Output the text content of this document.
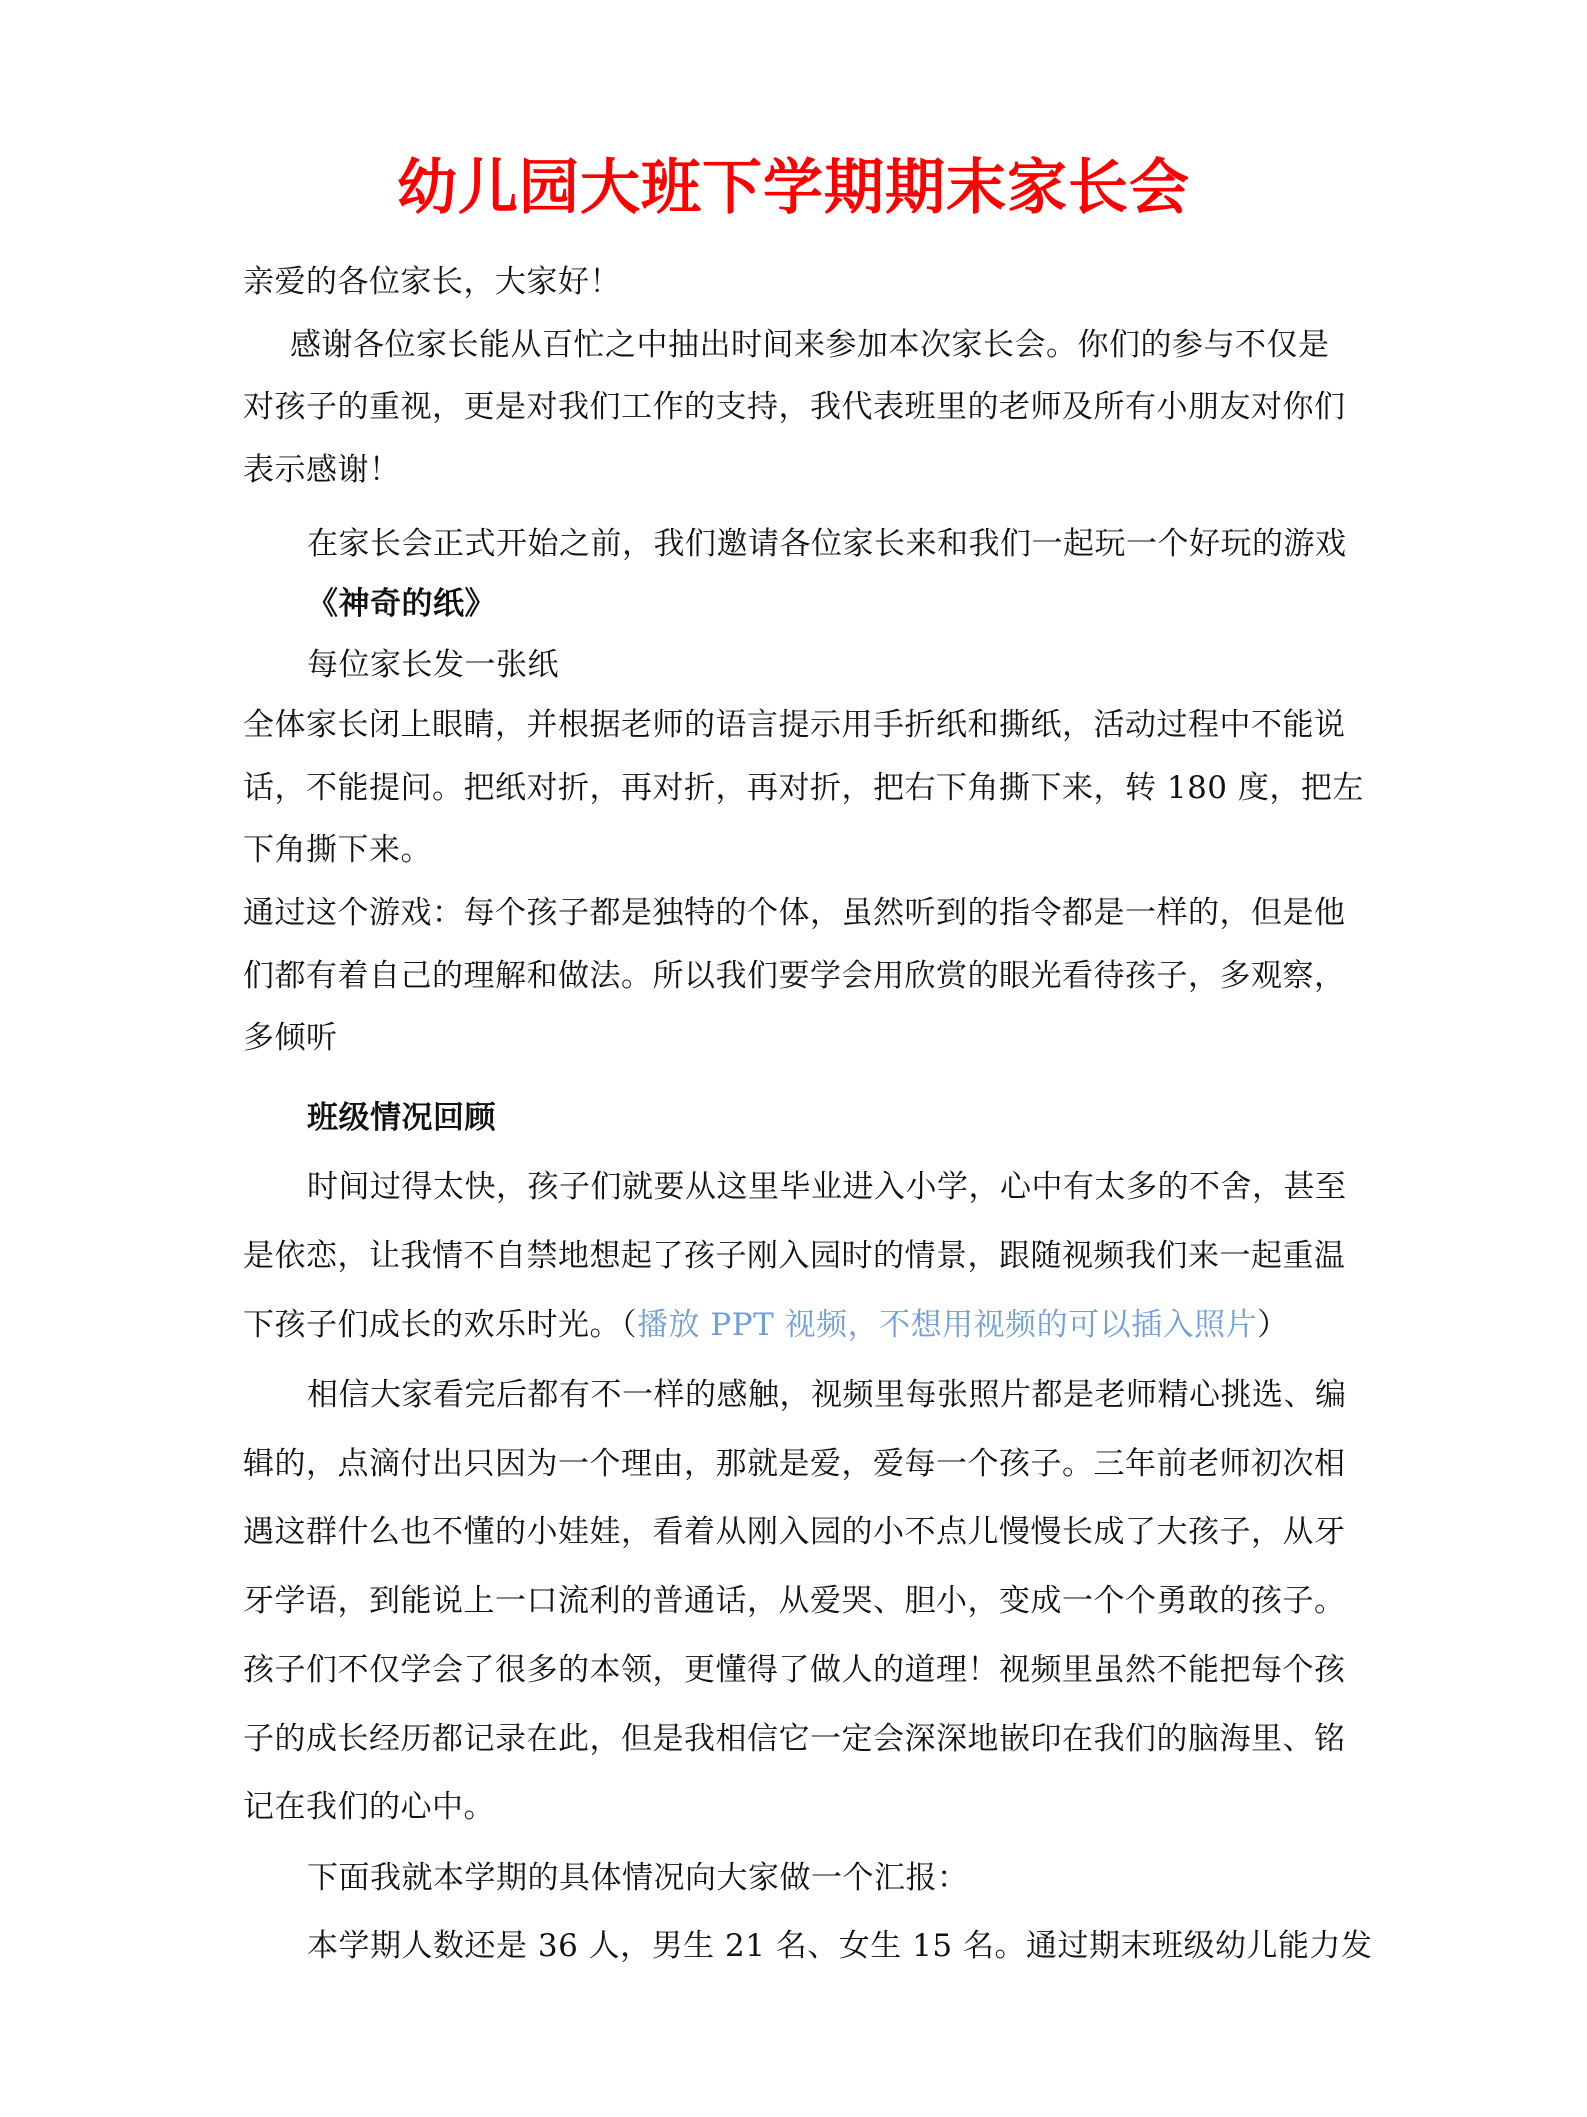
幼儿园大班下学期期末家长会
亲爱的各位家长，大家好！
感谢各位家长能从百忙之中抽出时间来参加本次家长会。你们的参与不仅是
对孩子的重视，更是对我们工作的支持，我代表班里的老师及所有小朋友对你们
表示感谢！
在家长会正式开始之前，我们邀请各位家长来和我们一起玩一个好玩的游戏
《神奇的纸》
每位家长发一张纸
全体家长闭上眼睛，并根据老师的语言提示用手折纸和撕纸，活动过程中不能说
话，不能提问。把纸对折，再对折，再对折，把右下角撕下来，转 180 度，把左
下角撕下来。
通过这个游戏：每个孩子都是独特的个体，虽然听到的指令都是一样的，但是他
们都有着自己的理解和做法。所以我们要学会用欣赏的眼光看待孩子，多观察，
多倾听
班级情况回顾
时间过得太快，孩子们就要从这里毕业进入小学，心中有太多的不舍，甚至
是依恋，让我情不自禁地想起了孩子刚入园时的情景，跟随视频我们来一起重温
下孩子们成长的欢乐时光。（播放 PPT 视频，不想用视频的可以插入照片）
相信大家看完后都有不一样的感触，视频里每张照片都是老师精心挑选、编
辑的，点滴付出只因为一个理由，那就是爱，爱每一个孩子。三年前老师初次相
遇这群什么也不懂的小娃娃，看着从刚入园的小不点儿慢慢长成了大孩子，从牙
牙学语，到能说上一口流利的普通话，从爱哭、胆小，变成一个个勇敢的孩子。
孩子们不仅学会了很多的本领，更懂得了做人的道理！视频里虽然不能把每个孩
子的成长经历都记录在此，但是我相信它一定会深深地嵌印在我们的脑海里、铭
记在我们的心中。
下面我就本学期的具体情况向大家做一个汇报：
本学期人数还是 36 人，男生 21 名、女生 15 名。通过期末班级幼儿能力发
